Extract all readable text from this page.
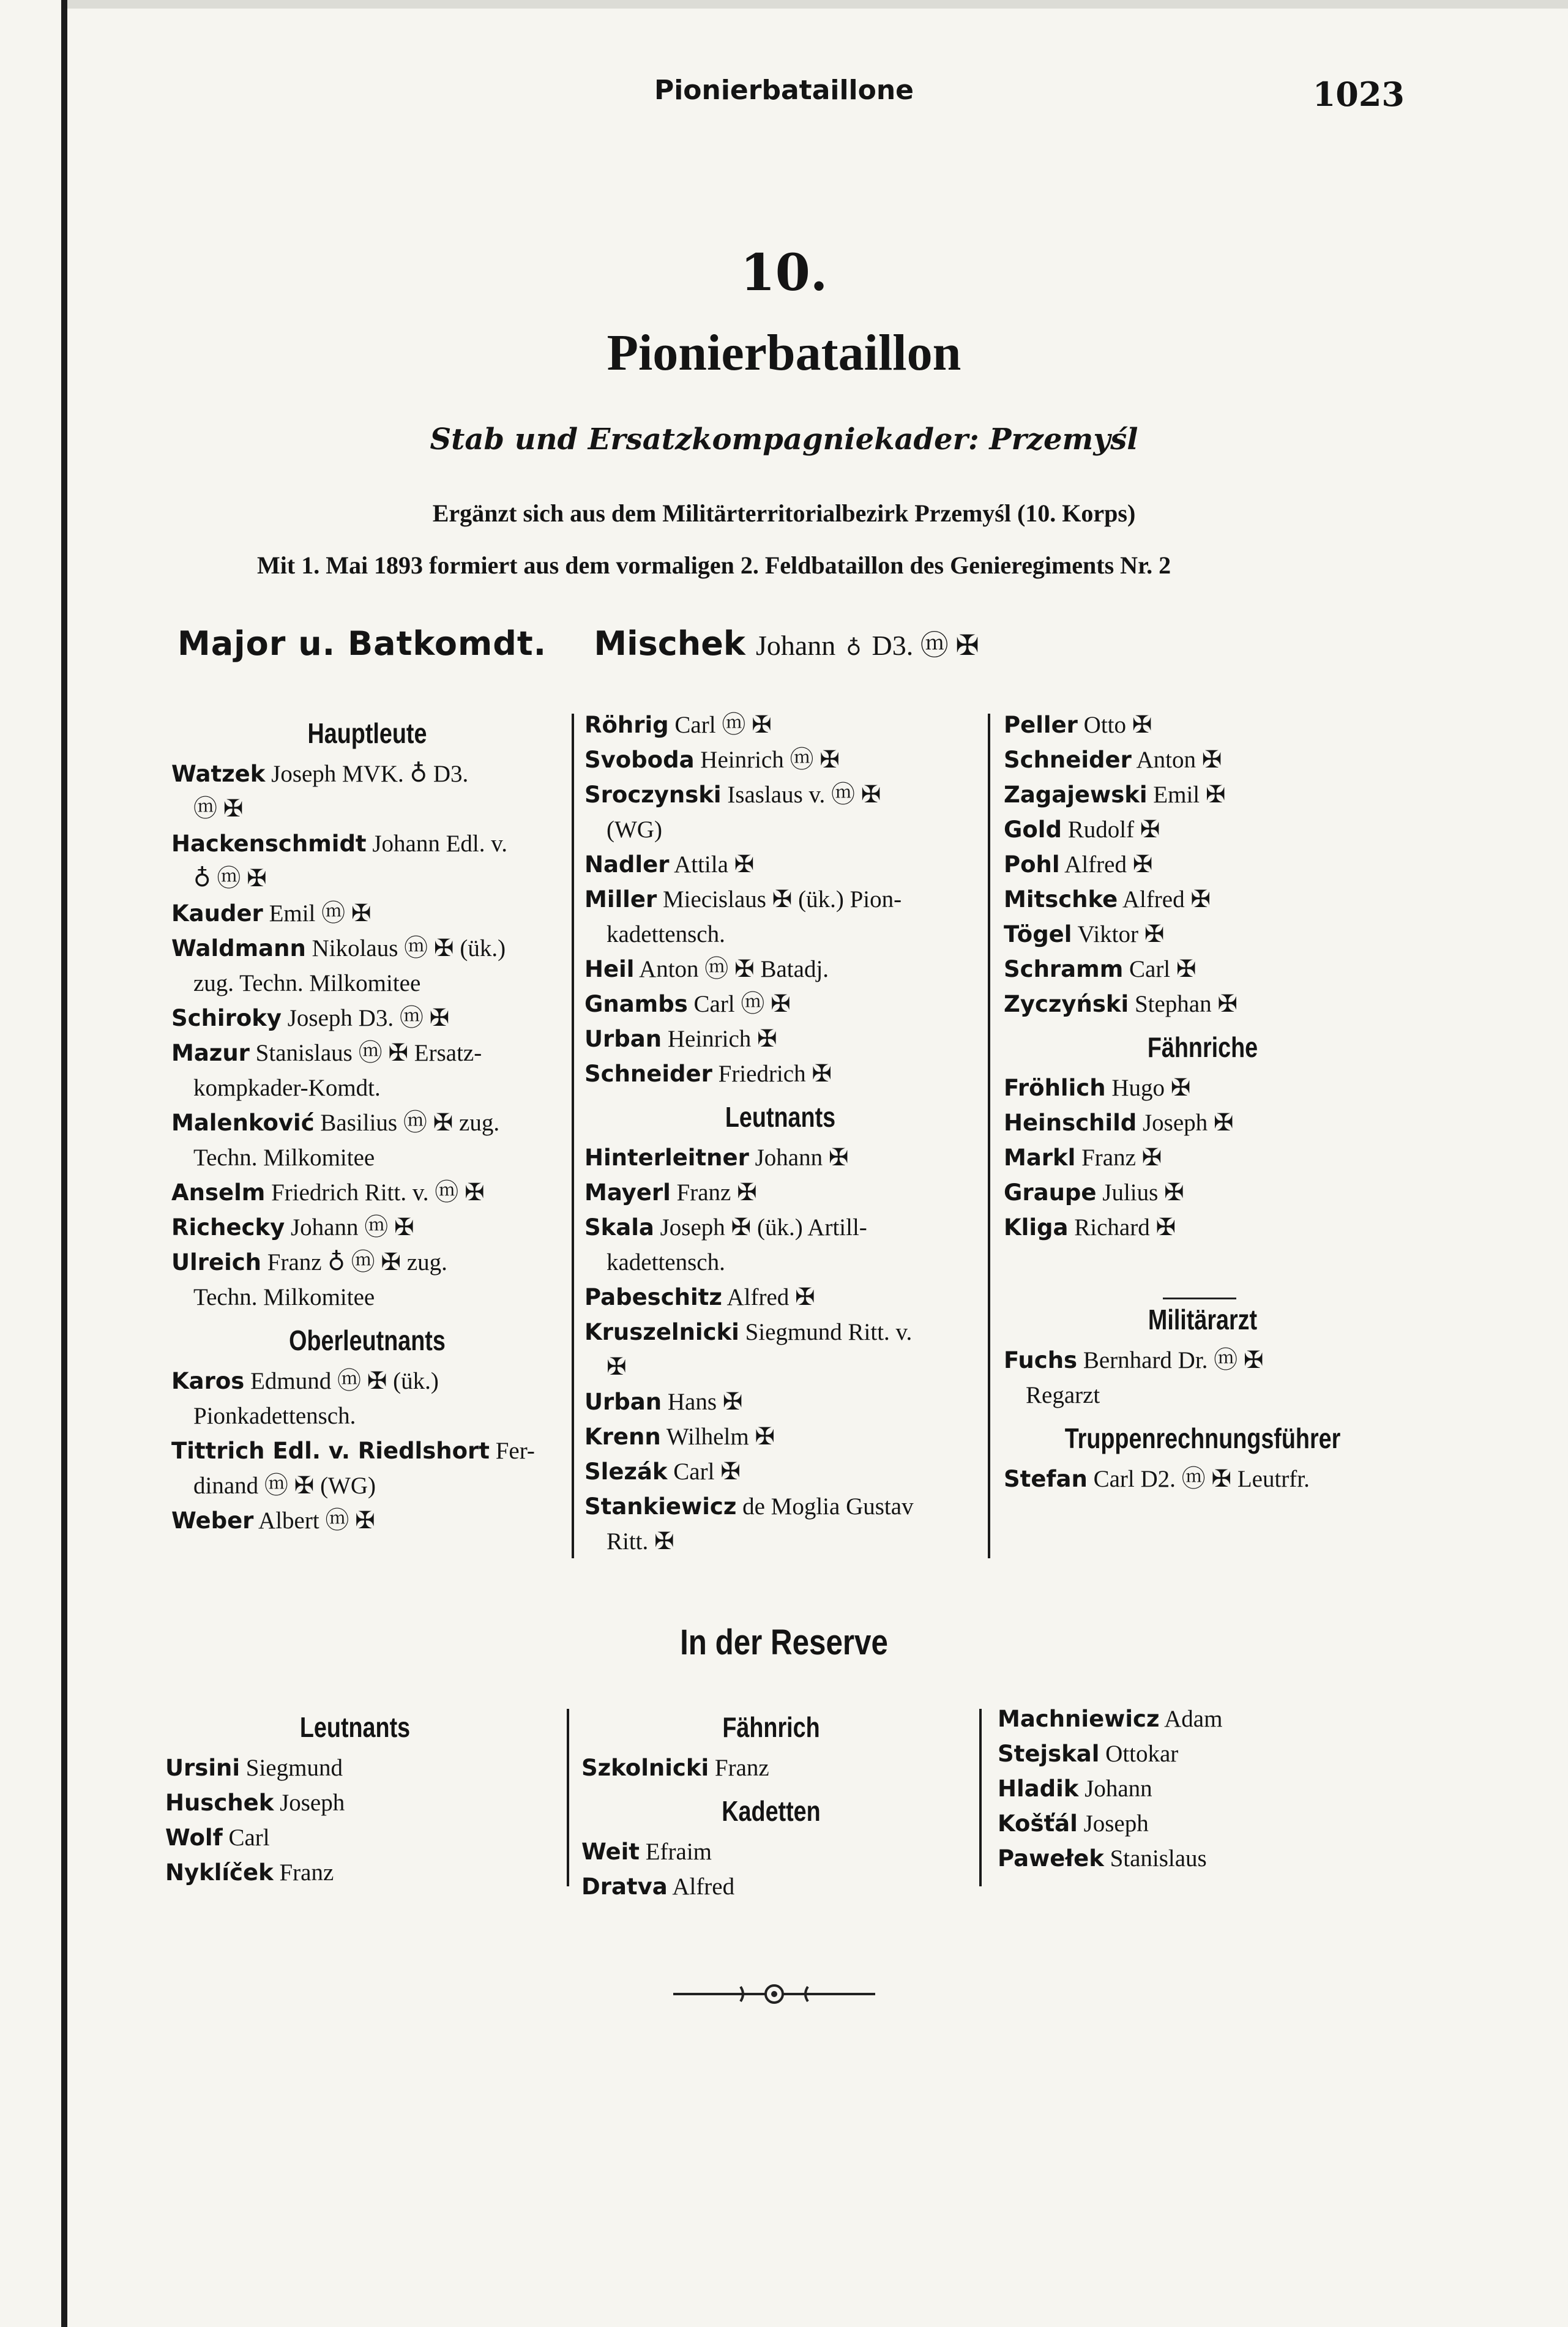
Pionierbataillone	1023
10.
Pionierbataillon
Stab und Ersatzkompagniekader: Przemyśl
Ergänzt sich aus dem Militärterritorialbezirk Przemyśl (10. Korps)
Mit 1. Mai 1893 formiert aus dem vormaligen 2. Feldbataillon des Genieregiments Nr. 2
Major u. Batkomdt. Mischek Johann ♁ D3. ⓜ ✠
Hauptleute
Watzek Joseph MVK. ♁ D3.
ⓜ ✠
Hackenschmidt Johann Edl. v.
♁ ⓜ ✠
Kauder Emil ⓜ ✠
Waldmann Nikolaus ⓜ ✠ (ük.)
zug. Techn. Milkomitee
Schiroky Joseph D3. ⓜ ✠
Mazur Stanislaus ⓜ ✠ Ersatz-
kompkader-Komdt.
Malenković Basilius ⓜ ✠ zug.
Techn. Milkomitee
Anselm Friedrich Ritt. v. ⓜ ✠
Richecky Johann ⓜ ✠
Ulreich Franz ♁ ⓜ ✠ zug.
Techn. Milkomitee
Oberleutnants
Karos Edmund ⓜ ✠ (ük.)
Pionkadettensch.
Tittrich Edl. v. Riedlshort Fer-
dinand ⓜ ✠ (WG)
Weber Albert ⓜ ✠
Röhrig Carl ⓜ ✠
Svoboda Heinrich ⓜ ✠
Sroczynski Isaslaus v. ⓜ ✠
(WG)
Nadler Attila ✠
Miller Miecislaus ✠ (ük.) Pion-
kadettensch.
Heil Anton ⓜ ✠ Batadj.
Gnambs Carl ⓜ ✠
Urban Heinrich ✠
Schneider Friedrich ✠
Leutnants
Hinterleitner Johann ✠
Mayerl Franz ✠
Skala Joseph ✠ (ük.) Artill-
kadettensch.
Pabeschitz Alfred ✠
Kruszelnicki Siegmund Ritt. v.
✠
Urban Hans ✠
Krenn Wilhelm ✠
Slezák Carl ✠
Stankiewicz de Moglia Gustav
Ritt. ✠
Peller Otto ✠
Schneider Anton ✠
Zagajewski Emil ✠
Gold Rudolf ✠
Pohl Alfred ✠
Mitschke Alfred ✠
Tögel Viktor ✠
Schramm Carl ✠
Zyczyński Stephan ✠
Fähnriche
Fröhlich Hugo ✠
Heinschild Joseph ✠
Markl Franz ✠
Graupe Julius ✠
Kliga Richard ✠
Militärarzt
Fuchs Bernhard Dr. ⓜ ✠
Regarzt
Truppenrechnungsführer
Stefan Carl D2. ⓜ ✠ Leutrfr.
In der Reserve
Leutnants
Ursini Siegmund
Huschek Joseph
Wolf Carl
Nyklíček Franz
Fähnrich
Szkolnicki Franz
Kadetten
Weit Efraim
Dratva Alfred
Machniewicz Adam
Stejskal Ottokar
Hladik Johann
Košťál Joseph
Pawełek Stanislaus
